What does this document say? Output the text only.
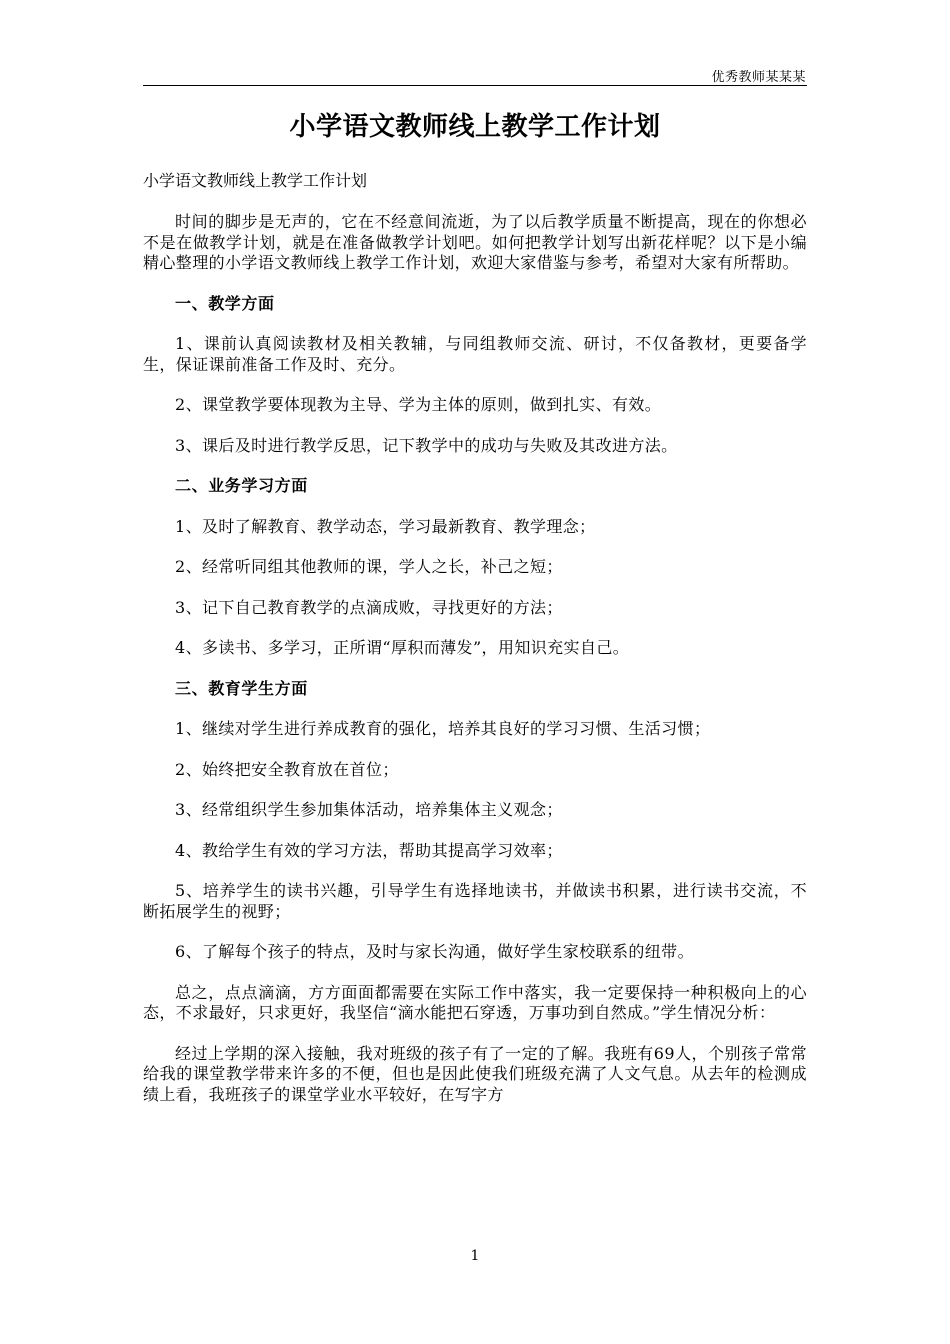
优秀教师某某某
小学语文教师线上教学工作计划

小学语文教师线上教学工作计划

时间的脚步是无声的，它在不经意间流逝，为了以后教学质量不断提高，现在的你想必不是在做教学计划，就是在准备做教学计划吧。如何把教学计划写出新花样呢？以下是小编精心整理的小学语文教师线上教学工作计划，欢迎大家借鉴与参考，希望对大家有所帮助。

一、教学方面

1、课前认真阅读教材及相关教辅，与同组教师交流、研讨，不仅备教材，更要备学生，保证课前准备工作及时、充分。

2、课堂教学要体现教为主导、学为主体的原则，做到扎实、有效。

3、课后及时进行教学反思，记下教学中的成功与失败及其改进方法。

二、业务学习方面

1、及时了解教育、教学动态，学习最新教育、教学理念；

2、经常听同组其他教师的课，学人之长，补己之短；

3、记下自己教育教学的点滴成败，寻找更好的方法；

4、多读书、多学习，正所谓“厚积而薄发”，用知识充实自己。

三、教育学生方面

1、继续对学生进行养成教育的强化，培养其良好的学习习惯、生活习惯；

2、始终把安全教育放在首位；

3、经常组织学生参加集体活动，培养集体主义观念；

4、教给学生有效的学习方法，帮助其提高学习效率；

5、培养学生的读书兴趣，引导学生有选择地读书，并做读书积累，进行读书交流，不断拓展学生的视野；

6、了解每个孩子的特点，及时与家长沟通，做好学生家校联系的纽带。

总之，点点滴滴，方方面面都需要在实际工作中落实，我一定要保持一种积极向上的心态，不求最好，只求更好，我坚信“滴水能把石穿透，万事功到自然成。”学生情况分析：

经过上学期的深入接触，我对班级的孩子有了一定的了解。我班有69人，个别孩子常常给我的课堂教学带来许多的不便，但也是因此使我们班级充满了人文气息。从去年的检测成绩上看，我班孩子的课堂学业水平较好，在写字方

1
